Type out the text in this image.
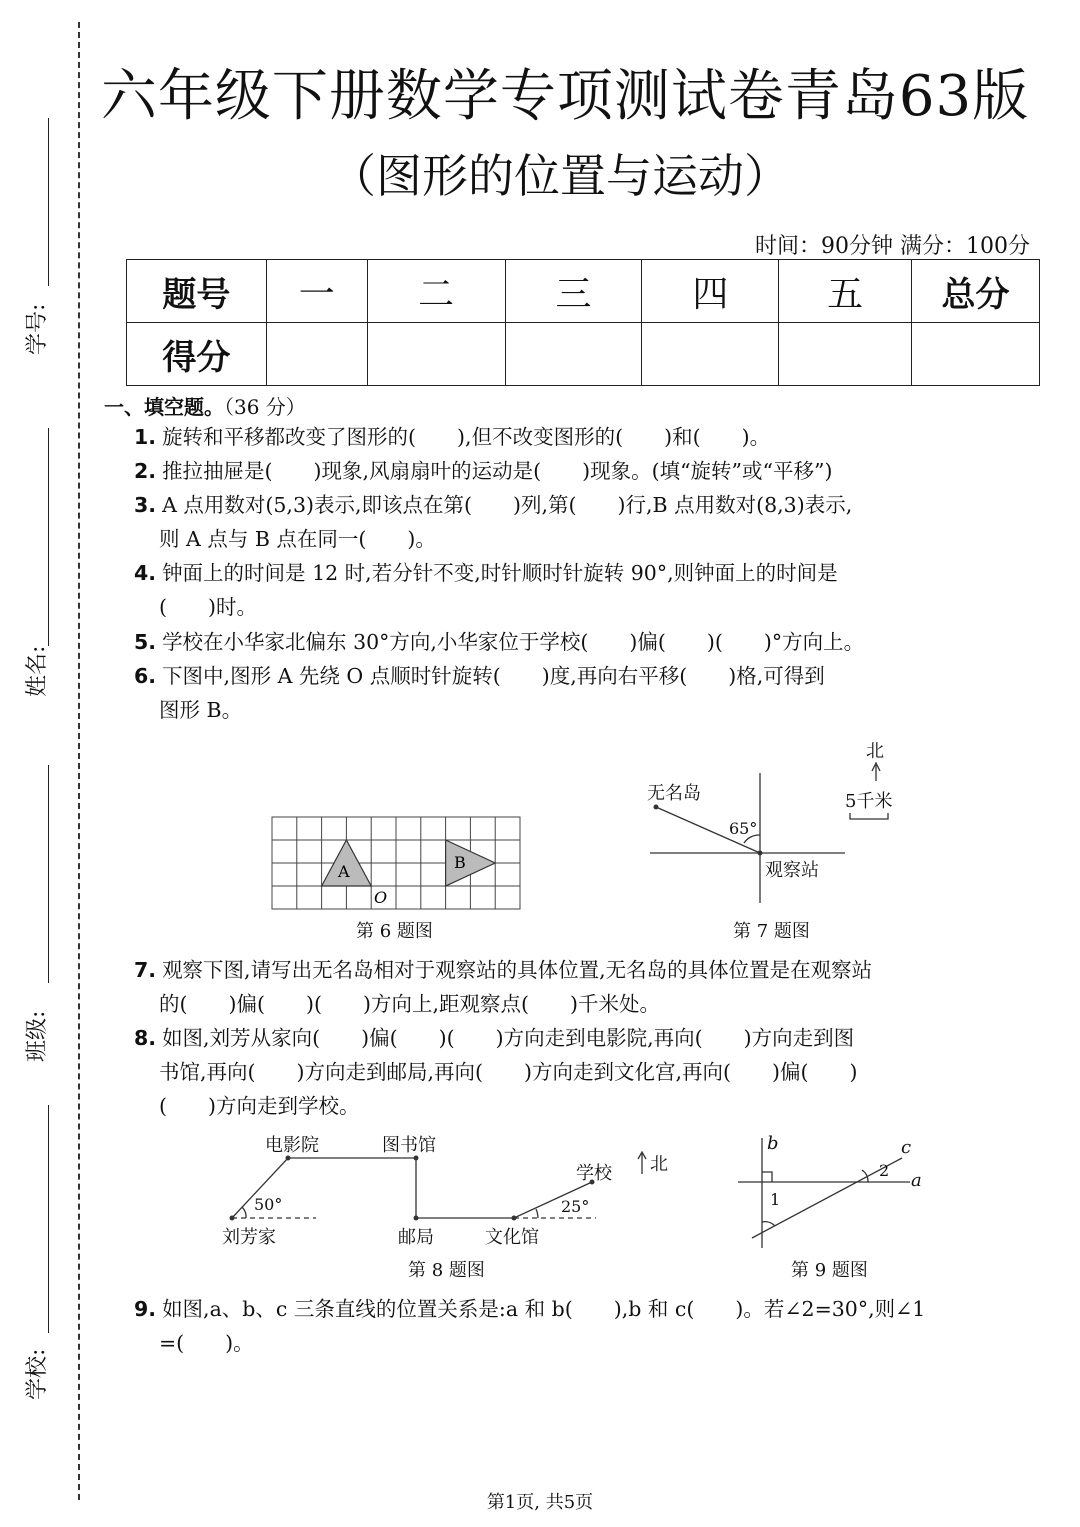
学号:
姓名:
班级:
学校:
六年级下册数学专项测试卷青岛63版
（图形的位置与运动）
时间：90分钟 满分：100分
题号	一	二	三	四	五	总分
得分						
一、填空题。（36 分）
1. 旋转和平移都改变了图形的(　　),但不改变图形的(　　)和(　　)。
2. 推拉抽屉是(　　)现象,风扇扇叶的运动是(　　)现象。(填“旋转”或“平移”)
3. A 点用数对(5,3)表示,即该点在第(　　)列,第(　　)行,B 点用数对(8,3)表示,
则 A 点与 B 点在同一(　　)。
4. 钟面上的时间是 12 时,若分针不变,时针顺时针旋转 90°,则钟面上的时间是
(　　)时。
5. 学校在小华家北偏东 30°方向,小华家位于学校(　　)偏(　　)(　　)°方向上。
6. 下图中,图形 A 先绕 O 点顺时针旋转(　　)度,再向右平移(　　)格,可得到
图形 B。
A	B
O
第 6 题图
无名岛
65°
观察站
北
5千米
第 7 题图
7. 观察下图,请写出无名岛相对于观察站的具体位置,无名岛的具体位置是在观察站
的(　　)偏(　　)(　　)方向上,距观察点(　　)千米处。
8. 如图,刘芳从家向(　　)偏(　　)(　　)方向走到电影院,再向(　　)方向走到图
书馆,再向(　　)方向走到邮局,再向(　　)方向走到文化宫,再向(　　)偏(　　)
(　　)方向走到学校。
电影院	图书馆
学校 北
50°	25°
刘芳家	邮局	文化馆
第 8 题图
b	c
a
2
1
第 9 题图
9. 如图,a、b、c 三条直线的位置关系是:a 和 b(　　),b 和 c(　　)。若∠2=30°,则∠1
=(　　)。
第1页, 共5页
